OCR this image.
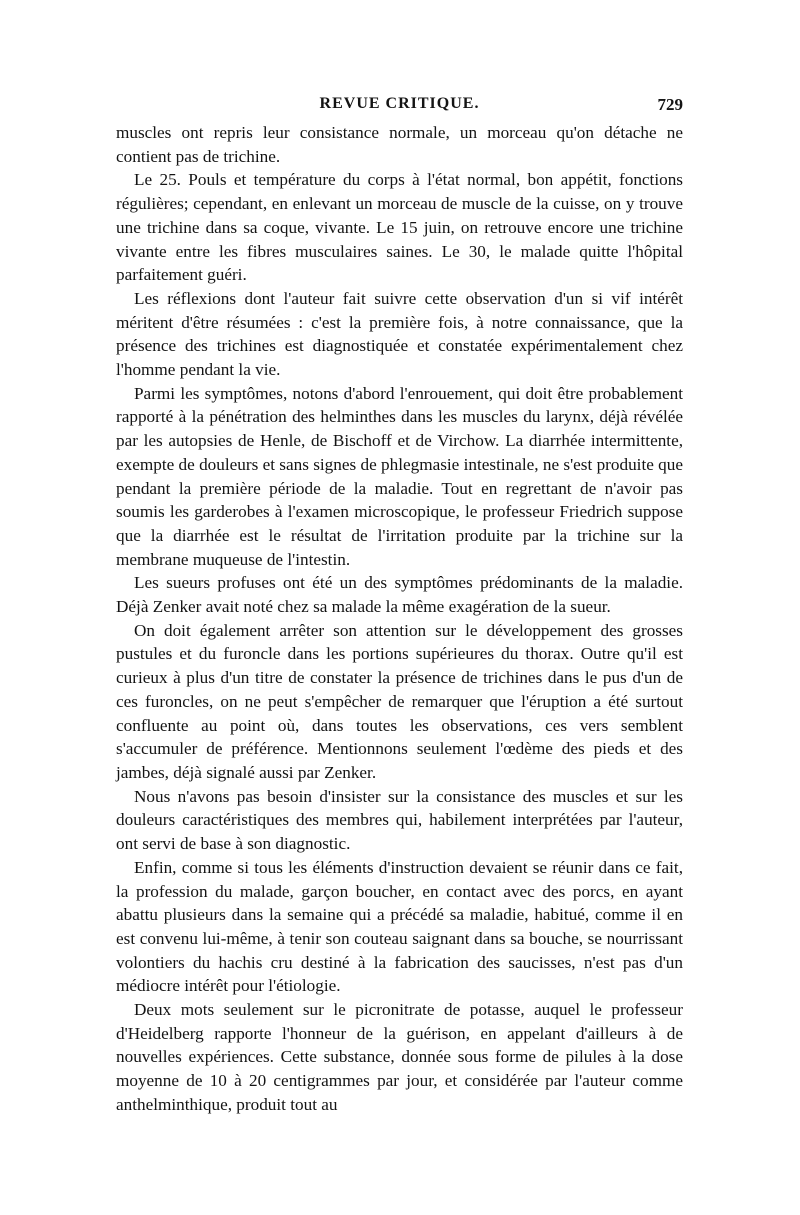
REVUE CRITIQUE.	729

muscles ont repris leur consistance normale, un morceau qu'on détache ne contient pas de trichine.

Le 25. Pouls et température du corps à l'état normal, bon appétit, fonctions régulières; cependant, en enlevant un morceau de muscle de la cuisse, on y trouve une trichine dans sa coque, vivante. Le 15 juin, on retrouve encore une trichine vivante entre les fibres musculaires saines. Le 30, le malade quitte l'hôpital parfaitement guéri.

Les réflexions dont l'auteur fait suivre cette observation d'un si vif intérêt méritent d'être résumées : c'est la première fois, à notre connaissance, que la présence des trichines est diagnostiquée et constatée expérimentalement chez l'homme pendant la vie.

Parmi les symptômes, notons d'abord l'enrouement, qui doit être probablement rapporté à la pénétration des helminthes dans les muscles du larynx, déjà révélée par les autopsies de Henle, de Bischoff et de Virchow. La diarrhée intermittente, exempte de douleurs et sans signes de phlegmasie intestinale, ne s'est produite que pendant la première période de la maladie. Tout en regrettant de n'avoir pas soumis les garderobes à l'examen microscopique, le professeur Friedrich suppose que la diarrhée est le résultat de l'irritation produite par la trichine sur la membrane muqueuse de l'intestin.

Les sueurs profuses ont été un des symptômes prédominants de la maladie. Déjà Zenker avait noté chez sa malade la même exagération de la sueur.

On doit également arrêter son attention sur le développement des grosses pustules et du furoncle dans les portions supérieures du thorax. Outre qu'il est curieux à plus d'un titre de constater la présence de trichines dans le pus d'un de ces furoncles, on ne peut s'empêcher de remarquer que l'éruption a été surtout confluente au point où, dans toutes les observations, ces vers semblent s'accumuler de préférence. Mentionnons seulement l'œdème des pieds et des jambes, déjà signalé aussi par Zenker.

Nous n'avons pas besoin d'insister sur la consistance des muscles et sur les douleurs caractéristiques des membres qui, habilement interprétées par l'auteur, ont servi de base à son diagnostic.

Enfin, comme si tous les éléments d'instruction devaient se réunir dans ce fait, la profession du malade, garçon boucher, en contact avec des porcs, en ayant abattu plusieurs dans la semaine qui a précédé sa maladie, habitué, comme il en est convenu lui-même, à tenir son couteau saignant dans sa bouche, se nourrissant volontiers du hachis cru destiné à la fabrication des saucisses, n'est pas d'un médiocre intérêt pour l'étiologie.

Deux mots seulement sur le picronitrate de potasse, auquel le professeur d'Heidelberg rapporte l'honneur de la guérison, en appelant d'ailleurs à de nouvelles expériences. Cette substance, donnée sous forme de pilules à la dose moyenne de 10 à 20 centigrammes par jour, et considérée par l'auteur comme anthelminthique, produit tout au
